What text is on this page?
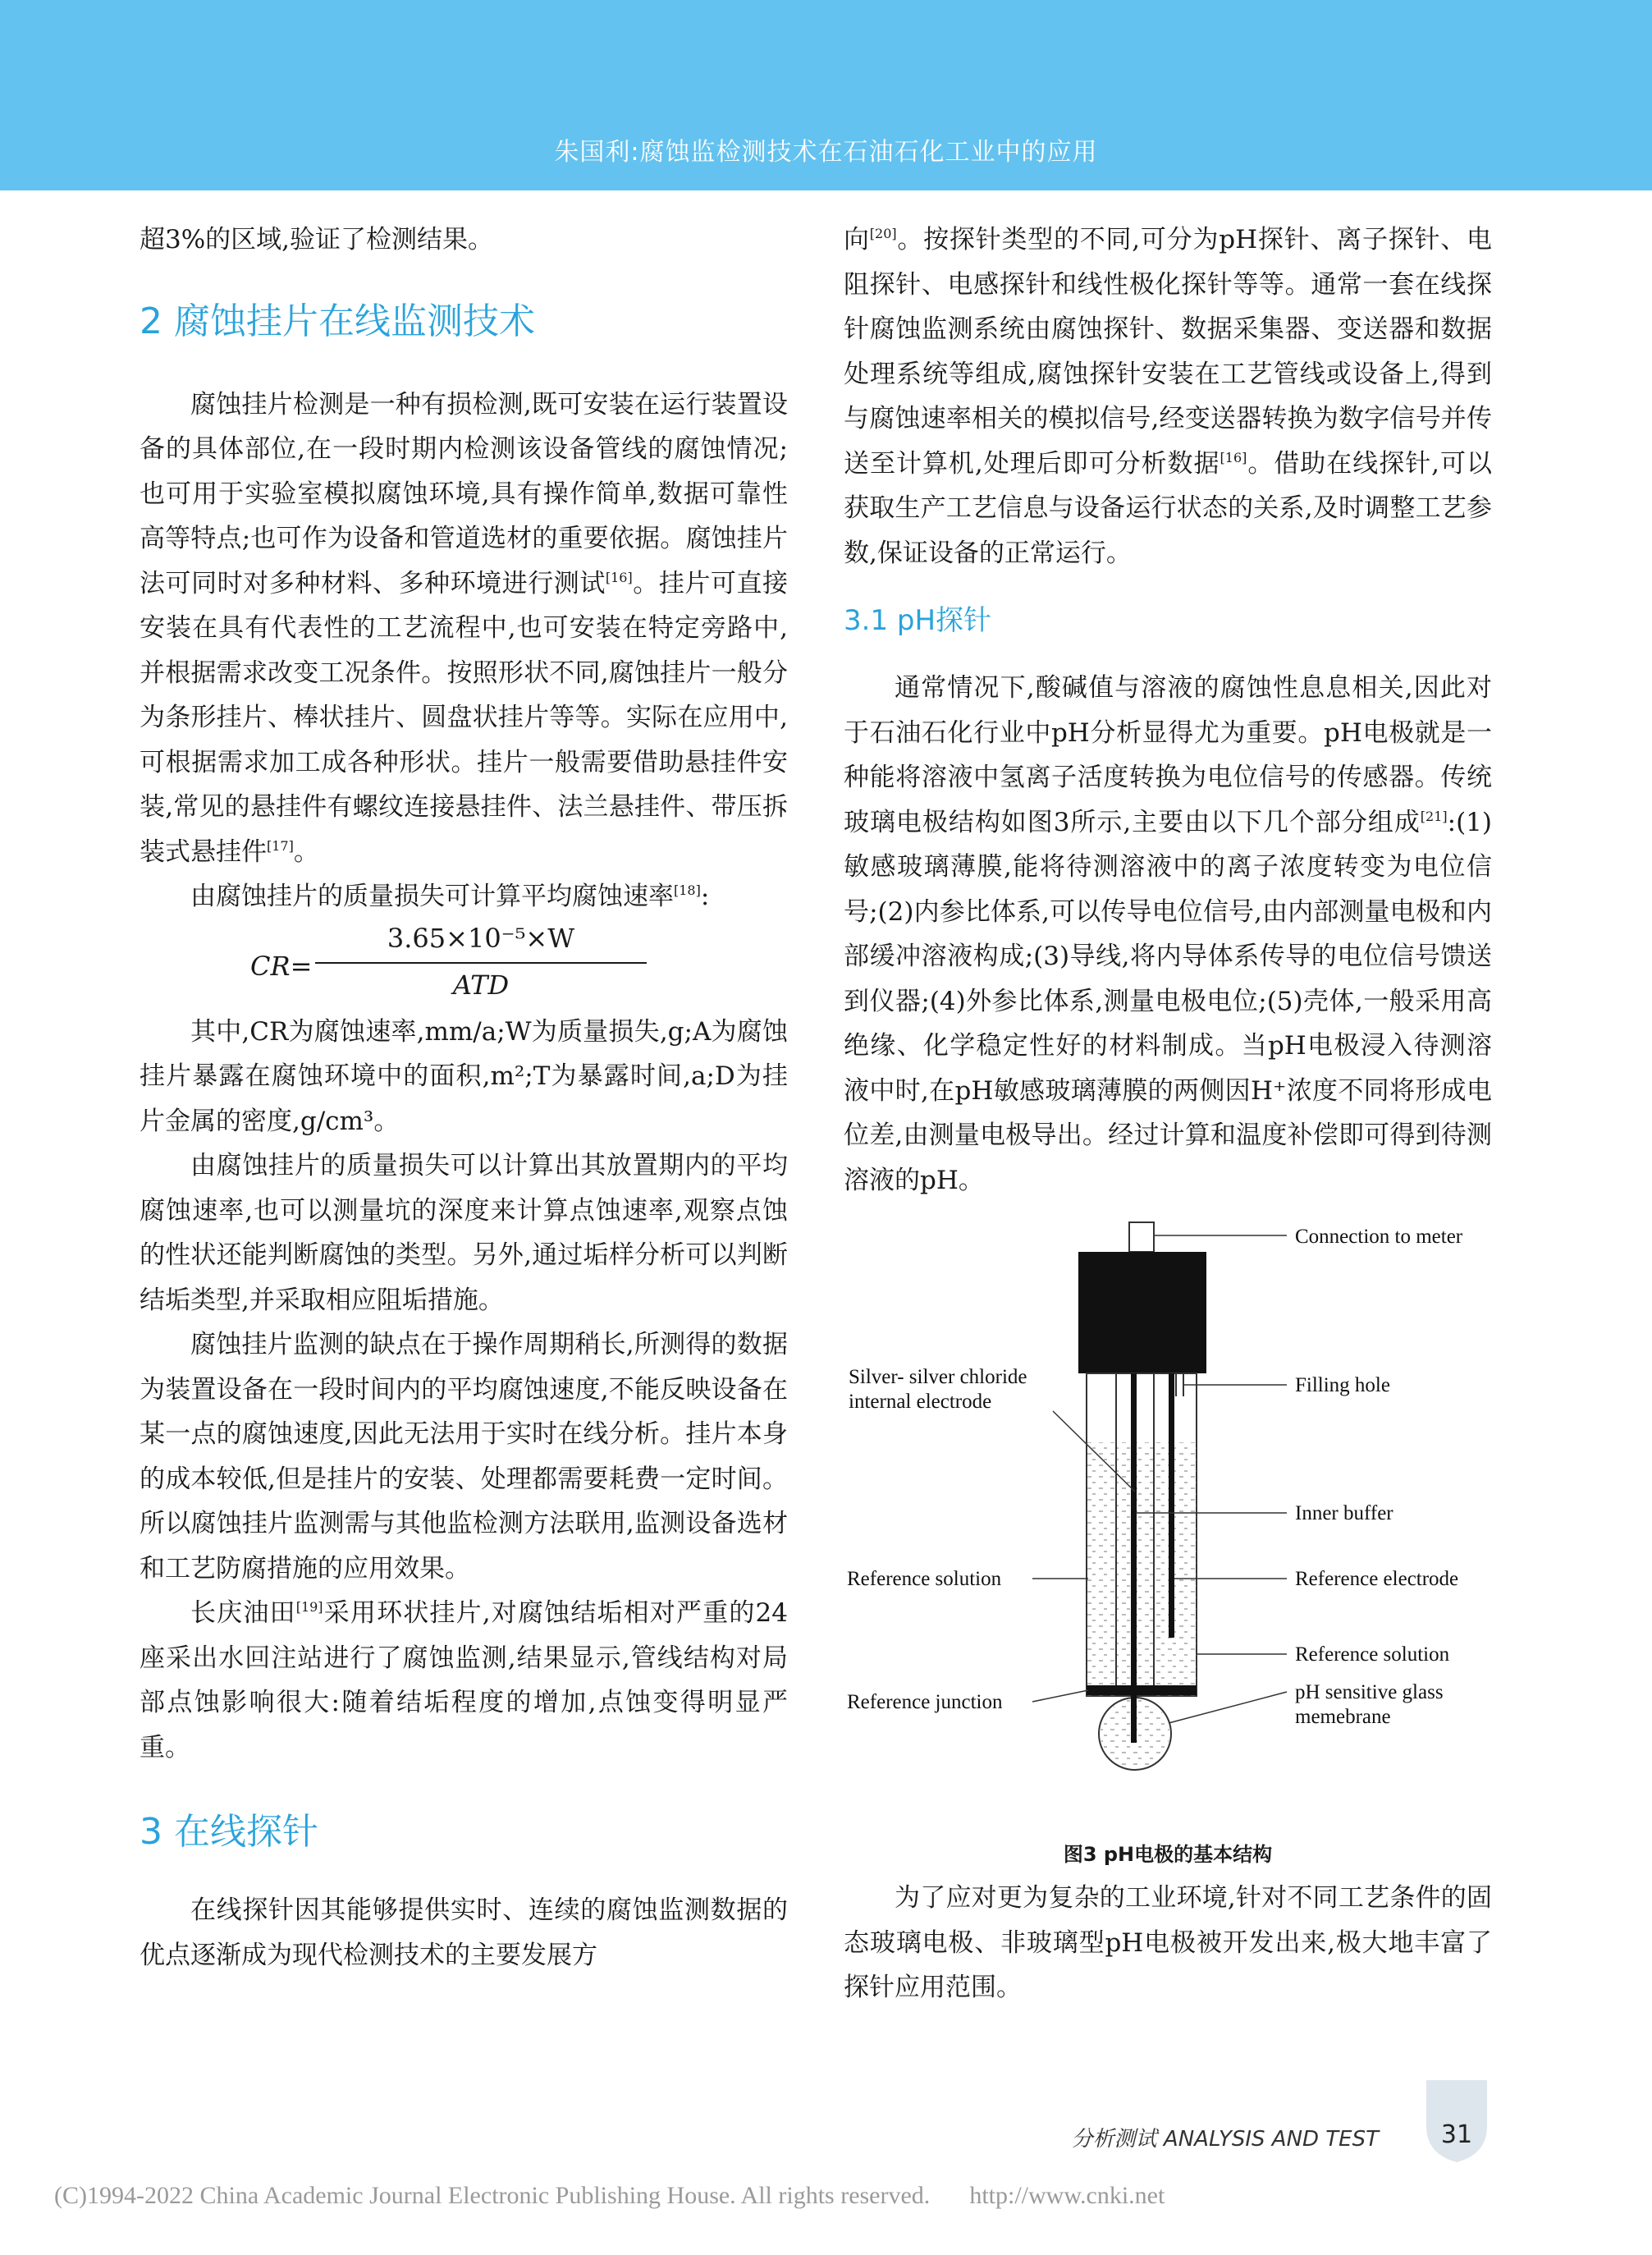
朱国利:腐蚀监检测技术在石油石化工业中的应用

超3%的区域,验证了检测结果。

2 腐蚀挂片在线监测技术

腐蚀挂片检测是一种有损检测,既可安装在运行装置设备的具体部位,在一段时期内检测该设备管线的腐蚀情况;也可用于实验室模拟腐蚀环境,具有操作简单,数据可靠性高等特点;也可作为设备和管道选材的重要依据。腐蚀挂片法可同时对多种材料、多种环境进行测试[16]。挂片可直接安装在具有代表性的工艺流程中,也可安装在特定旁路中,并根据需求改变工况条件。按照形状不同,腐蚀挂片一般分为条形挂片、棒状挂片、圆盘状挂片等等。实际在应用中,可根据需求加工成各种形状。挂片一般需要借助悬挂件安装,常见的悬挂件有螺纹连接悬挂件、法兰悬挂件、带压拆装式悬挂件[17]。

由腐蚀挂片的质量损失可计算平均腐蚀速率[18]:

CR=
3.65×10⁻⁵×W
ATD

其中,CR为腐蚀速率,mm/a;W为质量损失,g;A为腐蚀挂片暴露在腐蚀环境中的面积,m²;T为暴露时间,a;D为挂片金属的密度,g/cm³。

由腐蚀挂片的质量损失可以计算出其放置期内的平均腐蚀速率,也可以测量坑的深度来计算点蚀速率,观察点蚀的性状还能判断腐蚀的类型。另外,通过垢样分析可以判断结垢类型,并采取相应阻垢措施。

腐蚀挂片监测的缺点在于操作周期稍长,所测得的数据为装置设备在一段时间内的平均腐蚀速度,不能反映设备在某一点的腐蚀速度,因此无法用于实时在线分析。挂片本身的成本较低,但是挂片的安装、处理都需要耗费一定时间。所以腐蚀挂片监测需与其他监检测方法联用,监测设备选材和工艺防腐措施的应用效果。

长庆油田[19]采用环状挂片,对腐蚀结垢相对严重的24座采出水回注站进行了腐蚀监测,结果显示,管线结构对局部点蚀影响很大:随着结垢程度的增加,点蚀变得明显严重。

3 在线探针

在线探针因其能够提供实时、连续的腐蚀监测数据的优点逐渐成为现代检测技术的主要发展方

向[20]。按探针类型的不同,可分为pH探针、离子探针、电阻探针、电感探针和线性极化探针等等。通常一套在线探针腐蚀监测系统由腐蚀探针、数据采集器、变送器和数据处理系统等组成,腐蚀探针安装在工艺管线或设备上,得到与腐蚀速率相关的模拟信号,经变送器转换为数字信号并传送至计算机,处理后即可分析数据[16]。借助在线探针,可以获取生产工艺信息与设备运行状态的关系,及时调整工艺参数,保证设备的正常运行。

3.1 pH探针

通常情况下,酸碱值与溶液的腐蚀性息息相关,因此对于石油石化行业中pH分析显得尤为重要。pH电极就是一种能将溶液中氢离子活度转换为电位信号的传感器。传统玻璃电极结构如图3所示,主要由以下几个部分组成[21]:(1)敏感玻璃薄膜,能将待测溶液中的离子浓度转变为电位信号;(2)内参比体系,可以传导电位信号,由内部测量电极和内部缓冲溶液构成;(3)导线,将内导体系传导的电位信号馈送到仪器;(4)外参比体系,测量电极电位;(5)壳体,一般采用高绝缘、化学稳定性好的材料制成。当pH电极浸入待测溶液中时,在pH敏感玻璃薄膜的两侧因H⁺浓度不同将形成电位差,由测量电极导出。经过计算和温度补偿即可得到待测溶液的pH。

Connection to meter
Silver- silver chloride
internal electrode
Filling hole
Inner buffer
Reference solution	Reference electrode
Reference solution
Reference junction	pH sensitive glass
memebrane
图3 pH电极的基本结构

为了应对更为复杂的工业环境,针对不同工艺条件的固态玻璃电极、非玻璃型pH电极被开发出来,极大地丰富了探针应用范围。

分析测试 ANALYSIS AND TEST	31
(C)1994-2022 China Academic Journal Electronic Publishing House. All rights reserved. http://www.cnki.net
